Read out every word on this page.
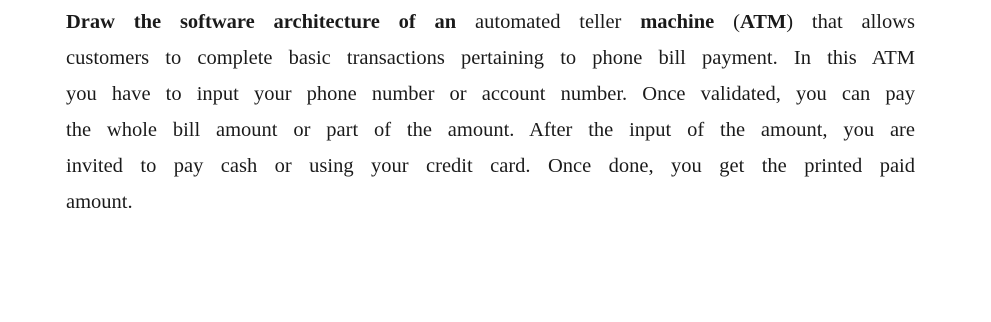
Draw the software architecture of an automated teller machine (ATM) that allows
customers to complete basic transactions pertaining to phone bill payment. In this ATM
you have to input your phone number or account number. Once validated, you can pay
the whole bill amount or part of the amount. After the input of the amount, you are
invited to pay cash or using your credit card. Once done, you get the printed paid
amount.
